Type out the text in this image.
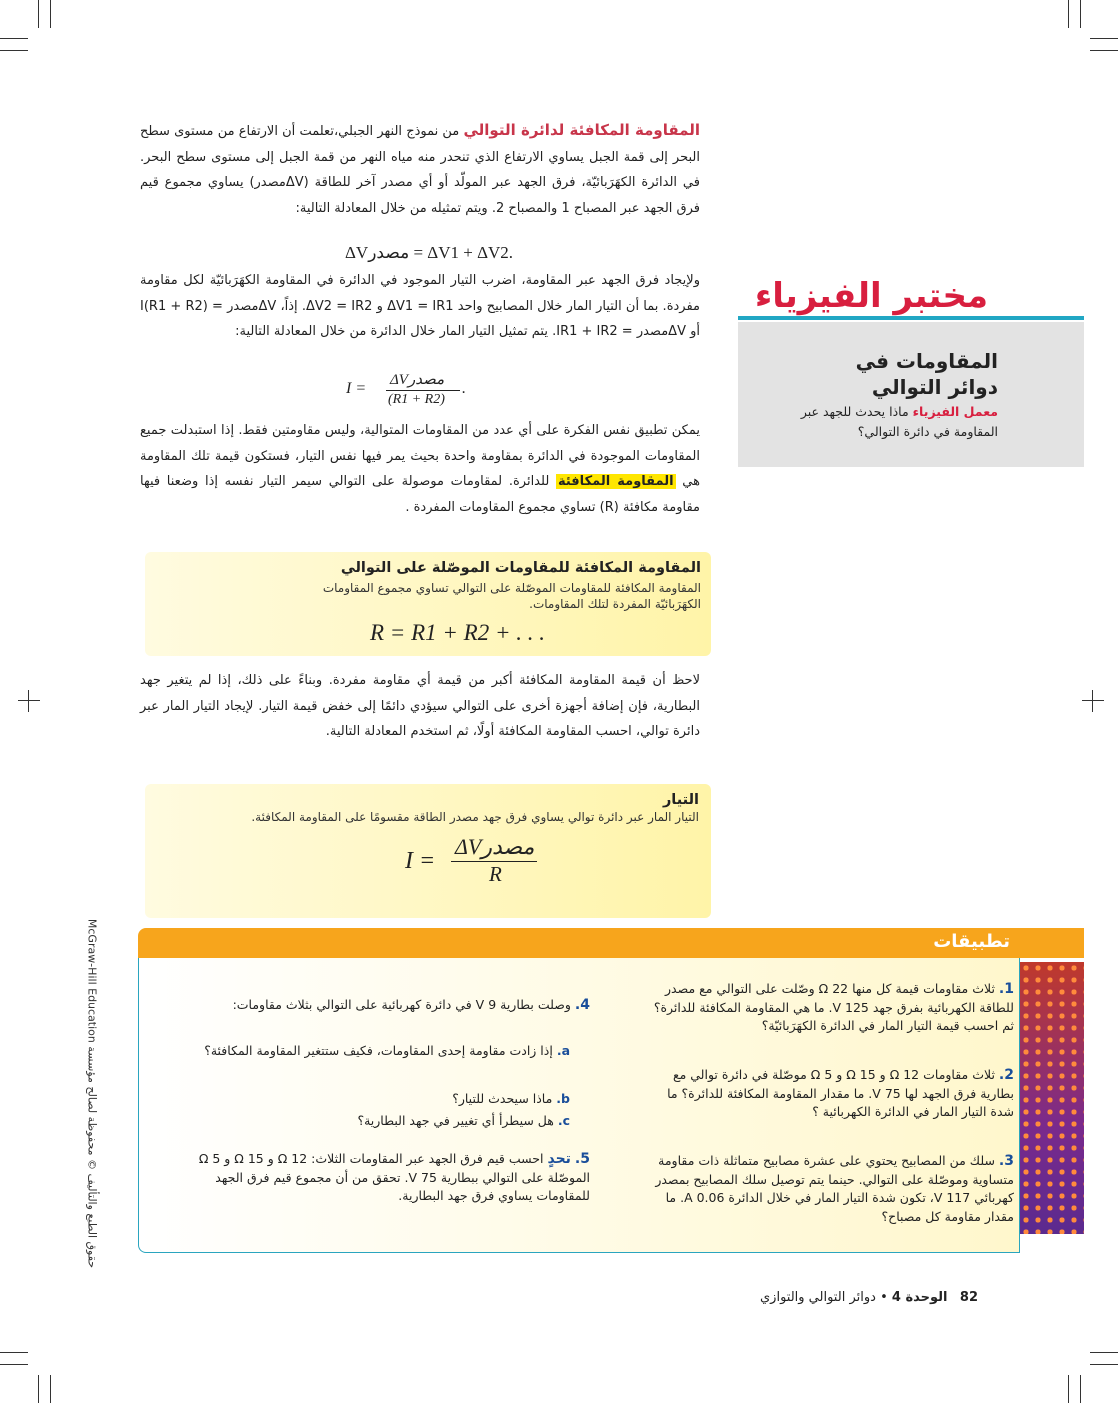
المقاومة المكافئة لدائرة التوالي من نموذج النهر الجبلي،تعلمت أن الارتفاع من مستوى سطح البحر إلى قمة الجبل يساوي الارتفاع الذي تنحدر منه مياه النهر من قمة الجبل إلى مستوى سطح البحر. في الدائرة الكهَرَبائيّة، فرق الجهد عبر المولّد أو أي مصدر آخر للطاقة (ΔVمصدر) يساوي مجموع قيم فرق الجهد عبر المصباح 1 والمصباح 2. ويتم تمثيله من خلال المعادلة التالية:
ΔVمصدر = ΔV1 + ΔV2.
ولإيجاد فرق الجهد عبر المقاومة، اضرب التيار الموجود في الدائرة في المقاومة الكهَرَبائيّة لكل مقاومة مفردة. بما أن التيار المار خلال المصابيح واحد ΔV1 = IR1 و ΔV2 = IR2. إذاً، ΔVمصدر = I(R1 + R2) أو ΔVمصدر = IR1 + IR2. يتم تمثيل التيار المار خلال الدائرة من خلال المعادلة التالية:
I = ΔVمصدر
(R1 + R2)
.
يمكن تطبيق نفس الفكرة على أي عدد من المقاومات المتوالية، وليس مقاومتين فقط. إذا استبدلت جميع المقاومات الموجودة في الدائرة بمقاومة واحدة بحيث يمر فيها نفس التيار، فستكون قيمة تلك المقاومة هي المقاومة المكافئة للدائرة. لمقاومات موصولة على التوالي سيمر التيار نفسه إذا وضعنا فيها مقاومة مكافئة (R) تساوي مجموع المقاومات المفردة .
المقاومة المكافئة للمقاومات الموصّلة على التوالي
المقاومة المكافئة للمقاومات الموصّلة على التوالي تساوي مجموع المقاومات الكهَرَبائيّة المفردة لتلك المقاومات.
R = R1 + R2 + . . .
لاحظ أن قيمة المقاومة المكافئة أكبر من قيمة أي مقاومة مفردة. وبناءً على ذلك، إذا لم يتغير جهد البطارية، فإن إضافة أجهزة أخرى على التوالي سيؤدي دائمًا إلى خفض قيمة التيار. لإيجاد التيار المار عبر دائرة توالي، احسب المقاومة المكافئة أولًا، ثم استخدم المعادلة التالية.
التيار
التيار المار عبر دائرة توالي يساوي فرق جهد مصدر الطاقة مقسومًا على المقاومة المكافئة.
I =
ΔVمصدر
R
مختبر الفيزياء
المقاومات في دوائر التوالي
معمل الفيزياء ماذا يحدث للجهد عبر المقاومة في دائرة التوالي؟
تطبيقات
1. ثلاث مقاومات قيمة كل منها 22 Ω وصّلت على التوالي مع مصدر للطاقة الكهربائية بفرق جهد 125 V. ما هي المقاومة المكافئة للدائرة؟ ثم احسب قيمة التيار المار في الدائرة الكهَرَبائيّة؟
2. ثلاث مقاومات 12 Ω و 15 Ω و 5 Ω موصّلة في دائرة توالي مع بطارية فرق الجهد لها 75 V. ما مقدار المقاومة المكافئة للدائرة؟ ما شدة التيار المار في الدائرة الكهربائية ؟
3. سلك من المصابيح يحتوي على عشرة مصابيح متماثلة ذات مقاومة متساوية وموصّلة على التوالي. حينما يتم توصيل سلك المصابيح بمصدر كهربائي 117 V، تكون شدة التيار المار في خلال الدائرة 0.06 A. ما مقدار مقاومة كل مصباح؟
4. وصلت بطارية 9 V في دائرة كهربائية على التوالي بثلاث مقاومات:
a. إذا زادت مقاومة إحدى المقاومات، فكيف ستتغير المقاومة المكافئة؟
b. ماذا سيحدث للتيار؟
c. هل سيطرأ أي تغيير في جهد البطارية؟
5. تحدٍ احسب قيم فرق الجهد عبر المقاومات الثلاث: 12 Ω و 15 Ω و 5 Ω الموصّلة على التوالي ببطارية 75 V. تحقق من أن مجموع قيم فرق الجهد للمقاومات يساوي فرق جهد البطارية.
82   الوحدة 4 • دوائر التوالي والتوازي
حقوق الطبع والتأليف © محفوظة لصالح مؤسسة McGraw-Hill Education
